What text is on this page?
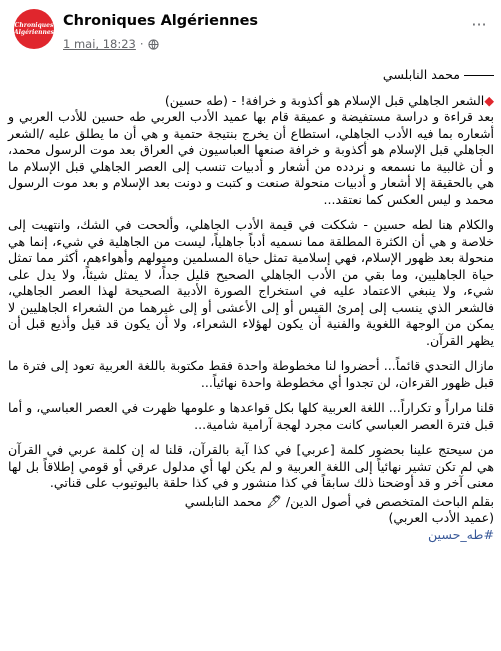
Chroniques
Algériennes
Chroniques Algériennes
1 mai, 18:23 ·
···

محمد النابلسي

◆الشعر الجاهلي قبل الإسلام هو أكذوبة و خرافة! - (طه حسين)

بعد قراءة و دراسة مستفيضة و عميقة قام بها عميد الأدب العربي طه حسين للأدب العربي و أشعاره بما فيه الأدب الجاهلي، استطاع أن يخرج بنتيجة حتمية و هي أن ما يطلق عليه /الشعر الجاهلي قبل الإسلام هو أكذوبة و خرافة صنعها العباسيون في العراق بعد موت الرسول محمد، و أن غالبية ما نسمعه و نردده من أشعار و أدبيات تنسب إلى العصر الجاهلي قبل الإسلام ما هي بالحقيقة إلا أشعار و أدبيات منحولة صنعت و كتبت و دونت بعد الإسلام و بعد موت الرسول محمد و ليس العكس كما نعتقد...

والكلام هنا لطه حسين - شككت في قيمة الأدب الجاهلي، وألححت في الشك، وانتهيت إلى خلاصة و هي أن الكثرة المطلقة مما نسميه أدباً جاهلياً، ليست من الجاهلية في شيء، إنما هي منحولة بعد ظهور الإسلام، فهي إسلامية تمثل حياة المسلمين وميولهم وأهواءهم، أكثر مما تمثل حياة الجاهليين، وما بقي من الأدب الجاهلي الصحيح قليل جداً، لا يمثل شيئاً، ولا يدل على شيء، ولا ينبغي الاعتماد عليه في استخراج الصورة الأدبية الصحيحة لهذا العصر الجاهلي، فالشعر الذي ينسب إلى إمرئ القيس أو إلى الأعشى أو إلى غيرهما من الشعراء الجاهليين لا يمكن من الوجهة اللغوية والفنية أن يكون لهؤلاء الشعراء، ولا أن يكون قد قيل وأذيع قبل أن يظهر القرآن.

مازال التحدي قائماً... أحضروا لنا مخطوطة واحدة فقط مكتوبة باللغة العربية تعود إلى فترة ما قبل ظهور القرءان، لن تجدوا أي مخطوطة واحدة نهائياً...

قلنا مراراً و تكراراً... اللغة العربية كلها بكل قواعدها و علومها ظهرت في العصر العباسي، و أما قبل فترة العصر العباسي كانت مجرد لهجة آرامية شامية...

من سيحتج علينا بحضور كلمة [عربي] في كذا آية بالقرآن، قلنا له إن كلمة عربي في القرآن هي لم تكن تشير نهائياً إلى اللغة العربية و لم يكن لها أي مدلول عرقي أو قومي إطلاقاً بل لها معنى آخر و قد أوضحنا ذلك سابقاً في كذا منشور و في كذا حلقة باليوتيوب على قناتي.

بقلم الباحث المتخصص في أصول الدين/ 🖋 محمد النابلسي
(عميد الأدب العربي)
#طه_حسين
